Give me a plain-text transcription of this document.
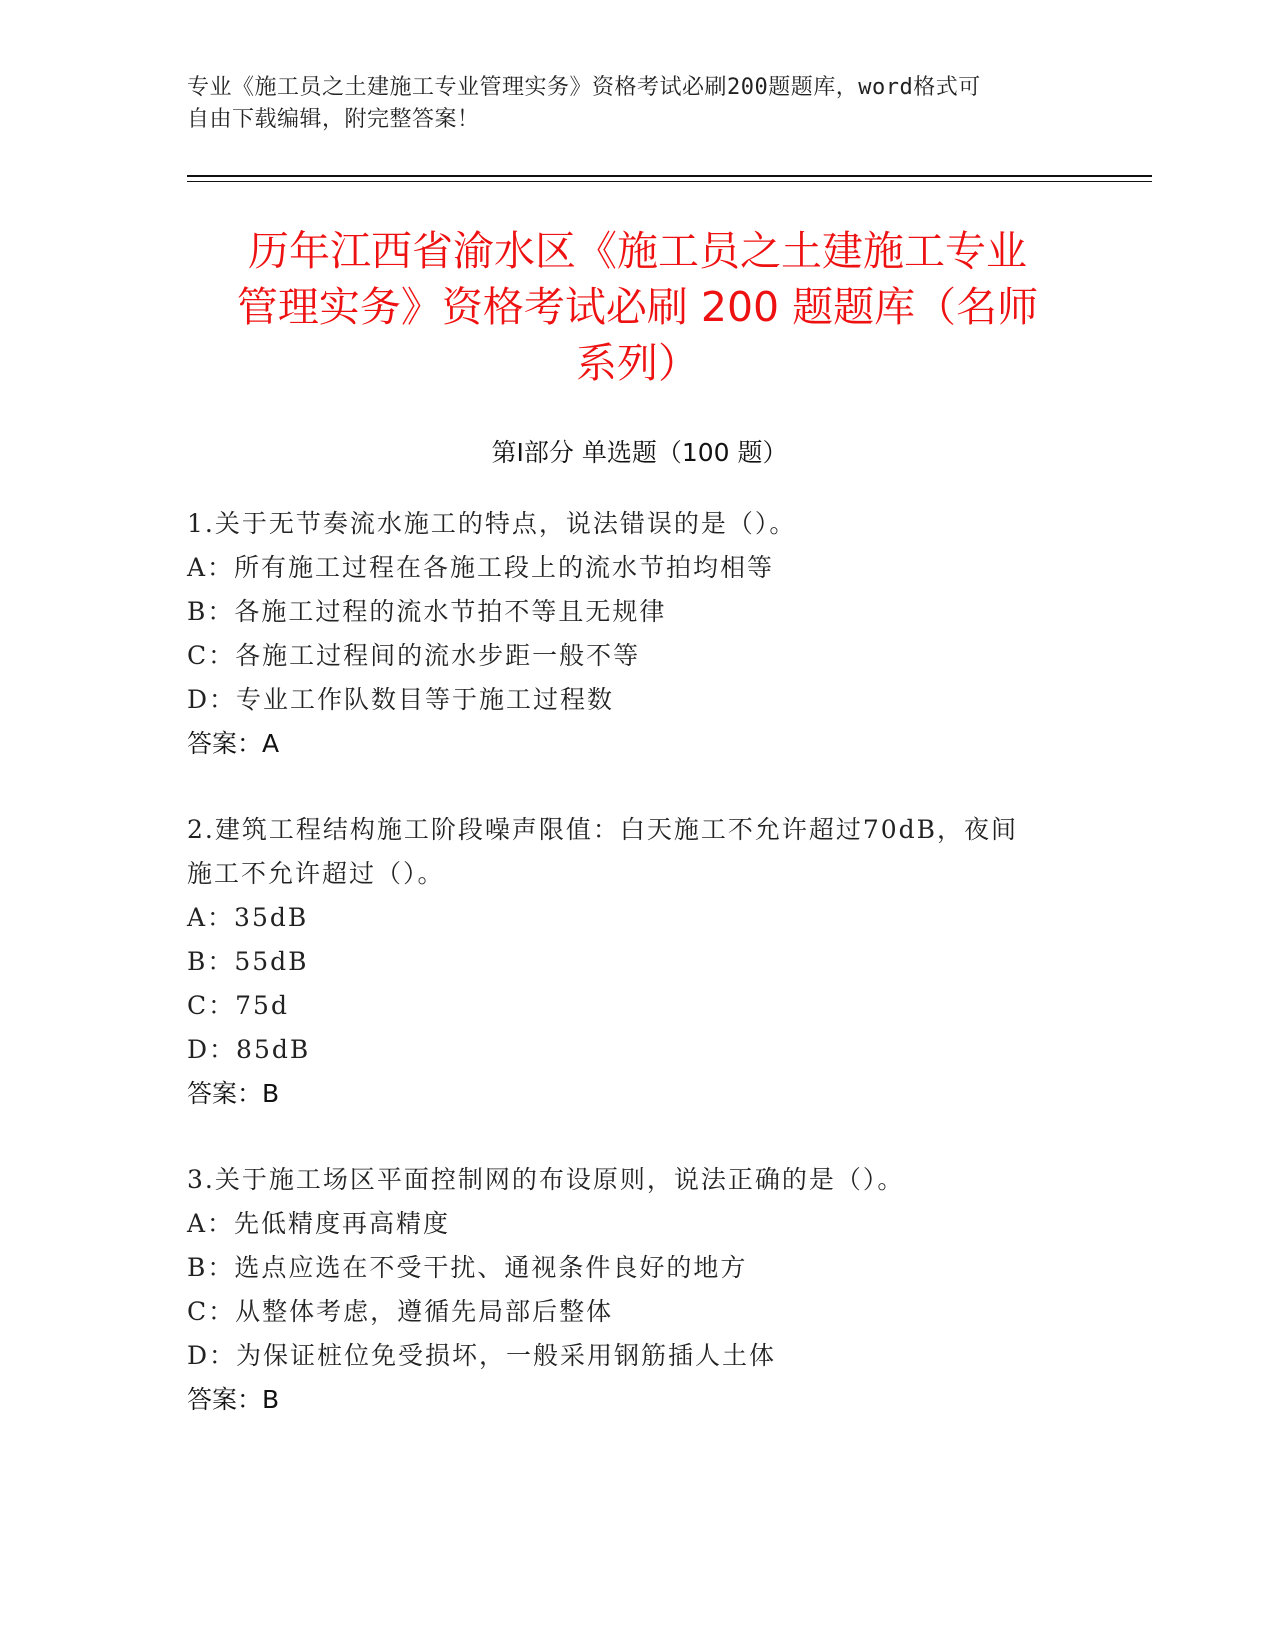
专业《施工员之土建施工专业管理实务》资格考试必刷200题题库，word格式可
自由下载编辑，附完整答案！
历年江西省渝水区《施工员之土建施工专业
管理实务》资格考试必刷 200 题题库（名师
系列）
第Ⅰ部分 单选题（100 题）
1.关于无节奏流水施工的特点，说法错误的是（）。
A：所有施工过程在各施工段上的流水节拍均相等
B：各施工过程的流水节拍不等且无规律
C：各施工过程间的流水步距一般不等
D：专业工作队数目等于施工过程数
答案：A
2.建筑工程结构施工阶段噪声限值：白天施工不允许超过70dB，夜间
施工不允许超过（）。
A：35dB
B：55dB
C：75d
D：85dB
答案：B
3.关于施工场区平面控制网的布设原则，说法正确的是（）。
A：先低精度再高精度
B：选点应选在不受干扰、通视条件良好的地方
C：从整体考虑，遵循先局部后整体
D：为保证桩位免受损坏，一般采用钢筋插人土体
答案：B
